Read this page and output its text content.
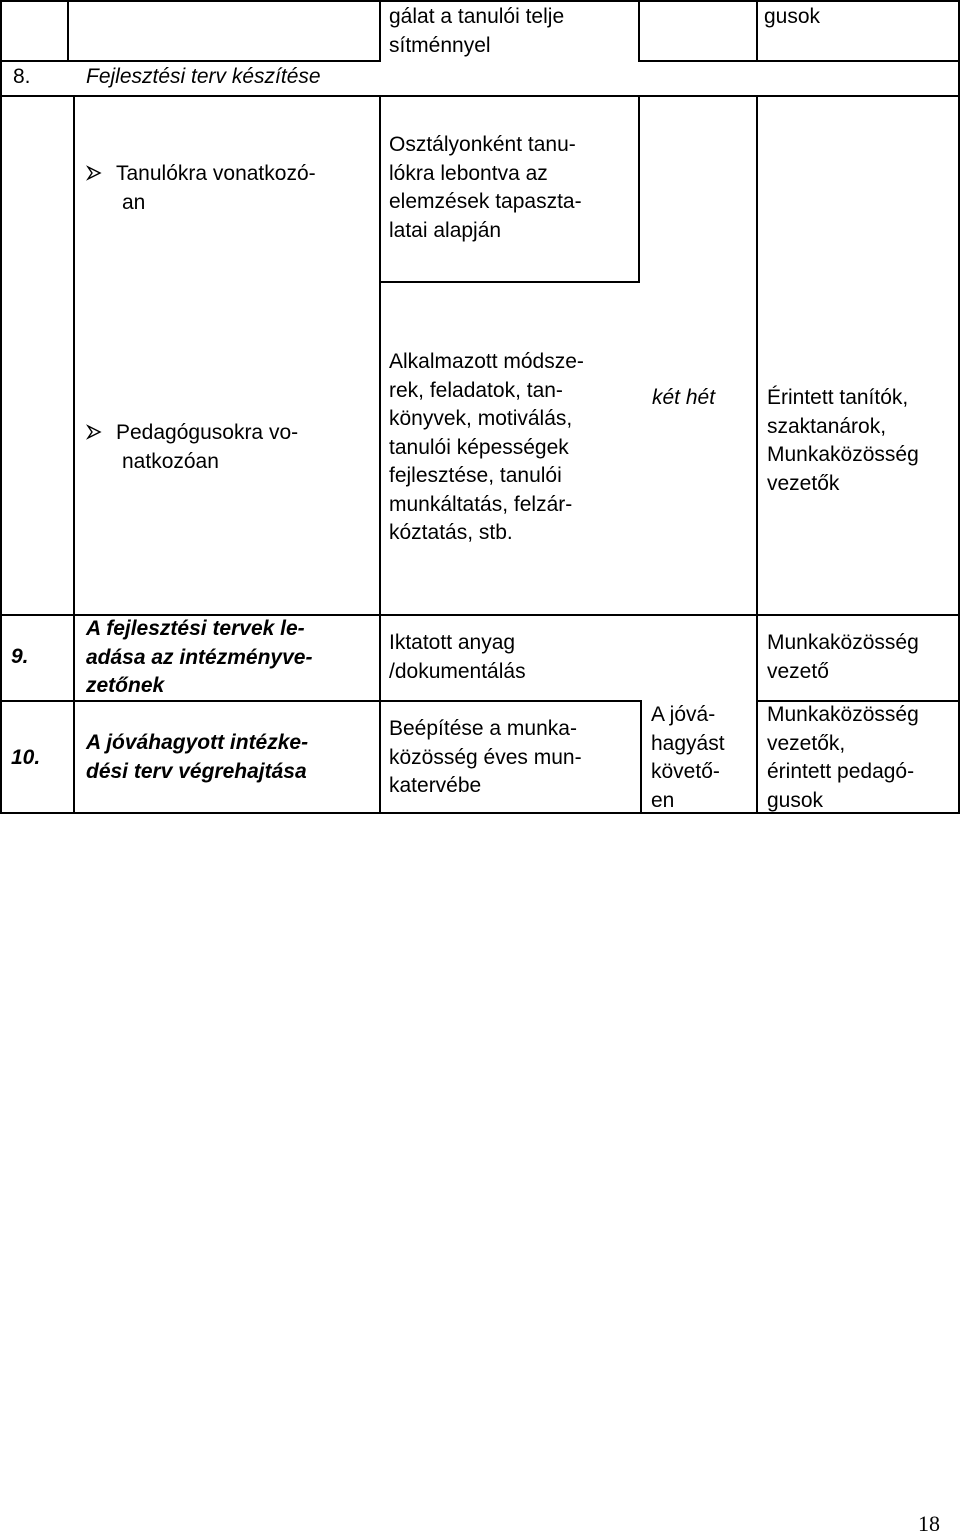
gálat a tanulói telje
sítménnyel
gusok
8.	Fejlesztési terv készítése
Tanulókra vonatkozó-
an
Osztályonként tanu-
lókra lebontva az
elemzések tapaszta-
latai alapján
Pedagógusokra vo-
natkozóan
Alkalmazott módsze-
rek, feladatok, tan-
könyvek, motiválás,
tanulói képességek
fejlesztése, tanulói
munkáltatás, felzár-
kóztatás, stb.
két hét Érintett tanítók,
szaktanárok,
Munkaközösség
vezetők
9.
A fejlesztési tervek le-
adása az intézményve-
zetőnek
Iktatott anyag
/dokumentálás
Munkaközösség
vezető
10.
A jóváhagyott intézke-
dési terv végrehajtása
Beépítése a munka-
közösség éves mun-
katervébe
A jóvá-
hagyást
követő-
en
Munkaközösség
vezetők,
érintett pedagó-
gusok
18
